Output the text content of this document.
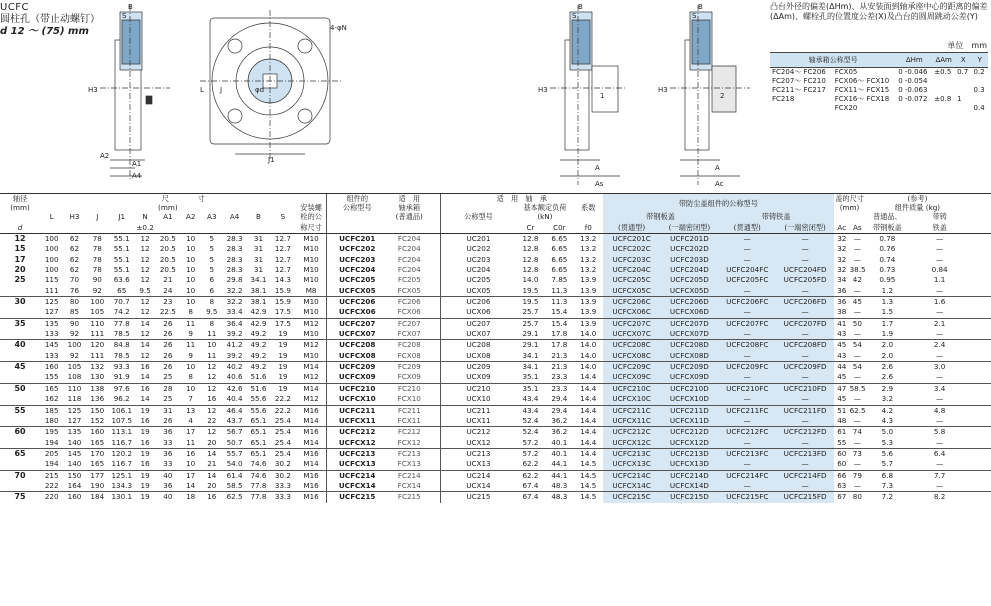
UCFC
圆柱孔（带止动螺钉）
d 12 ～ (75) mm
B
S
H3
A2
A1
A4
4-φN
L J
J1
φd
B
S
H3
A
As
1
B
S
H3
A
Ac
2
凸台外径的偏差(ΔHm)、从安装面到轴承座中心的距离的偏差(ΔAm)、螺栓孔的位置度公差(X)及凸台的圆周跳动公差(Y)
单位　mm
轴承箱公称型号		ΔHm	ΔAm	X	Y
FC204～ FC206	FCX05	0 -0.046	±0.5	0.7	0.2
FC207～ FC210	FCX06～ FCX10	0 -0.054			
FC211～ FC217	FCX11～ FCX15	0 -0.063			0.3
FC218	FCX16～ FCX18	0 -0.072	±0.8	1	
	FCX20				0.4
轴径	尺　　　　寸												组件的	适　用		适　用　轴　承				带防尘盖组件的公称型号				盖的尺寸		(参考)		
(mm)	(mm)											安装螺	公称型号	轴承箱			基本额定负荷		系数					(mm)		组件质量 (kg)		
	L	H3	J	J1	N	A1	A2	A3	A4	B	S	栓的公		(普通品)		公称型号	(kN)			带钢板盖		带铸铁盖				普通品、	带铸	
d					±0.2							称尺寸					Cr	C0r	f0	(贯通型)	(一端密闭型)	(贯通型)	(一端密闭型)	Ac	As	带钢板盖	铁盖	
12	100	62	78	55.1	12	20.5	10	5	28.3	31	12.7	M10	UCFC201	FC204		UC201	12.8	6.65	13.2	UCFC201C	UCFC201D	—	—	32	—	0.78	—	
15	100	62	78	55.1	12	20.5	10	5	28.3	31	12.7	M10	UCFC202	FC204		UC202	12.8	6.65	13.2	UCFC202C	UCFC202D	—	—	32	—	0.76	—	
17	100	62	78	55.1	12	20.5	10	5	28.3	31	12.7	M10	UCFC203	FC204		UC203	12.8	6.65	13.2	UCFC203C	UCFC203D	—	—	32	—	0.74	—	
20	100	62	78	55.1	12	20.5	10	5	28.3	31	12.7	M10	UCFC204	FC204		UC204	12.8	6.65	13.2	UCFC204C	UCFC204D	UCFC204FC	UCFC204FD	32	38.5	0.73	0.84	
25	115	70	90	63.6	12	21	10	6	29.8	34.1	14.3	M10	UCFC205	FC205		UC205	14.0	7.85	13.9	UCFC205C	UCFC205D	UCFC205FC	UCFC205FD	34	42	0.95	1.1	
	111	76	92	65	9.5	24	10	6	32.2	38.1	15.9	M8	UCFCX05	FCX05		UCX05	19.5	11.3	13.9	UCFCX05C	UCFCX05D	—	—	36	—	1.2	—	
30	125	80	100	70.7	12	23	10	8	32.2	38.1	15.9	M10	UCFC206	FC206		UC206	19.5	11.3	13.9	UCFC206C	UCFC206D	UCFC206FC	UCFC206FD	36	45	1.3	1.6	
	127	85	105	74.2	12	22.5	8	9.5	33.4	42.9	17.5	M10	UCFCX06	FCX06		UCX06	25.7	15.4	13.9	UCFCX06C	UCFCX06D	—	—	38	—	1.5	—	
35	135	90	110	77.8	14	26	11	8	36.4	42.9	17.5	M12	UCFC207	FC207		UC207	25.7	15.4	13.9	UCFC207C	UCFC207D	UCFC207FC	UCFC207FD	41	50	1.7	2.1	
	133	92	111	78.5	12	26	9	11	39.2	49.2	19	M10	UCFCX07	FCX07		UCX07	29.1	17.8	14.0	UCFCX07C	UCFCX07D	—	—	43	—	1.9	—	
40	145	100	120	84.8	14	26	11	10	41.2	49.2	19	M12	UCFC208	FC208		UC208	29.1	17.8	14.0	UCFC208C	UCFC208D	UCFC208FC	UCFC208FD	45	54	2.0	2.4	
	133	92	111	78.5	12	26	9	11	39.2	49.2	19	M10	UCFCX08	FCX08		UCX08	34.1	21.3	14.0	UCFCX08C	UCFCX08D	—	—	43	—	2.0	—	
45	160	105	132	93.3	16	26	10	12	40.2	49.2	19	M14	UCFC209	FC209		UC209	34.1	21.3	14.0	UCFC209C	UCFC209D	UCFC209FC	UCFC209FD	44	54	2.6	3.0	
	155	108	130	91.9	14	25	8	12	40.6	51.6	19	M12	UCFCX09	FCX09		UCX09	35.1	23.3	14.4	UCFCX09C	UCFCX09D	—	—	45	—	2.6	—	
50	165	110	138	97.6	16	28	10	12	42.6	51.6	19	M14	UCFC210	FC210		UC210	35.1	23.3	14.4	UCFC210C	UCFC210D	UCFC210FC	UCFC210FD	47	58.5	2.9	3.4	
	162	118	136	96.2	14	25	7	16	40.4	55.6	22.2	M12	UCFCX10	FCX10		UCX10	43.4	29.4	14.4	UCFCX10C	UCFCX10D	—	—	45	—	3.2	—	
55	185	125	150	106.1	19	31	13	12	46.4	55.6	22.2	M16	UCFC211	FC211		UC211	43.4	29.4	14.4	UCFC211C	UCFC211D	UCFC211FC	UCFC211FD	51	62.5	4.2	4.8	
	180	127	152	107.5	16	26	4	22	43.7	65.1	25.4	M14	UCFCX11	FCX11		UCX11	52.4	36.2	14.4	UCFCX11C	UCFCX11D	—	—	48	—	4.3	—	
60	195	135	160	113.1	19	36	17	12	56.7	65.1	25.4	M16	UCFC212	FC212		UC212	52.4	36.2	14.4	UCFC212C	UCFC212D	UCFC212FC	UCFC212FD	61	74	5.0	5.8	
	194	140	165	116.7	16	33	11	20	50.7	65.1	25.4	M14	UCFCX12	FCX12		UCX12	57.2	40.1	14.4	UCFCX12C	UCFCX12D	—	—	55	—	5.3	—	
65	205	145	170	120.2	19	36	16	14	55.7	65.1	25.4	M16	UCFC213	FC213		UC213	57.2	40.1	14.4	UCFC213C	UCFC213D	UCFC213FC	UCFC213FD	60	73	5.6	6.4	
	194	140	165	116.7	16	33	10	21	54.0	74.6	30.2	M14	UCFCX13	FCX13		UCX13	62.2	44.1	14.5	UCFCX13C	UCFCX13D	—	—	60	—	5.7	—	
70	215	150	177	125.1	19	40	17	14	61.4	74.6	30.2	M16	UCFC214	FC214		UC214	62.2	44.1	14.5	UCFC214C	UCFC214D	UCFC214FC	UCFC214FD	66	79	6.8	7.7	
	222	164	190	134.3	19	36	14	20	58.5	77.8	33.3	M16	UCFCX14	FCX14		UCX14	67.4	48.3	14.5	UCFCX14C	UCFCX14D	—	—	63	—	7.3	—	
75	220	160	184	130.1	19	40	18	16	62.5	77.8	33.3	M16	UCFC215	FC215		UC215	67.4	48.3	14.5	UCFC215C	UCFC215D	UCFC215FC	UCFC215FD	67	80	7.2	8.2	
